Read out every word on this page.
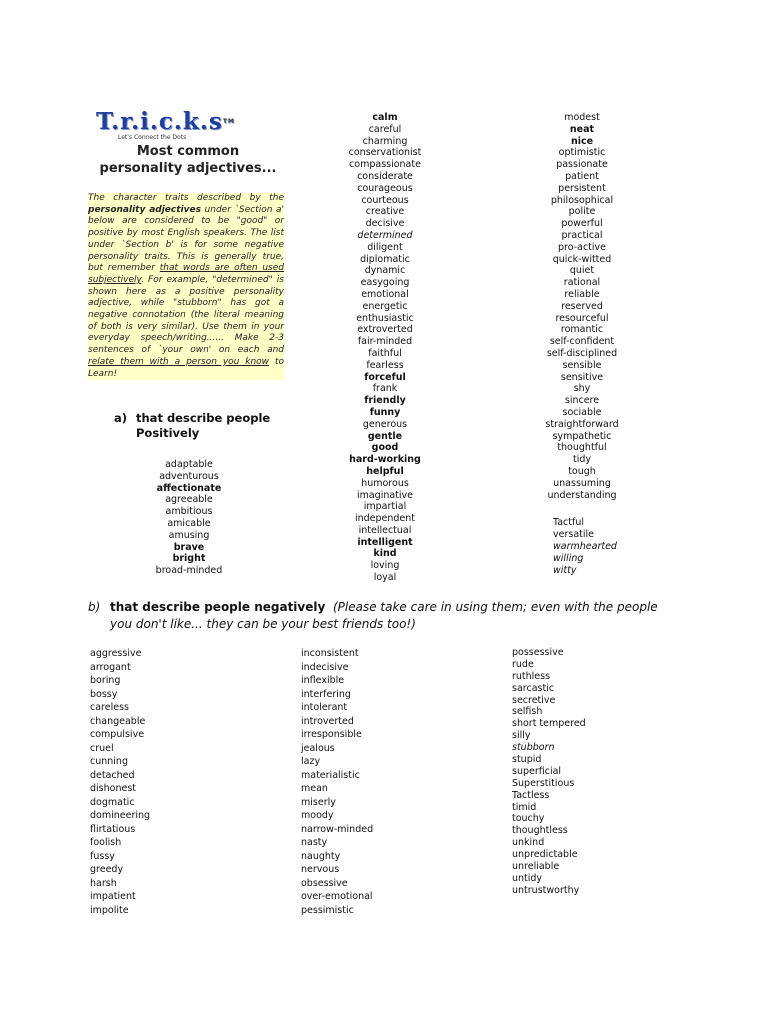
T.r.i.c.k.s™
Let's Connect the Dots
Most common
personality adjectives...
The character traits described by the personality adjectives under `Section a' below are considered to be "good" or positive by most English speakers. The list under `Section b' is for some negative personality traits. This is generally true, but remember that words are often used subjectively. For example, "determined" is shown here as a positive personality adjective, while "stubborn" has got a negative connotation (the literal meaning of both is very similar). Use them in your everyday speech/writing...... Make 2-3 sentences of `your own' on each and relate them with a person you know to Learn!
a) that describe people
Positively
adaptable
adventurous
affectionate
agreeable
ambitious
amicable
amusing
brave
bright
broad-minded
calm
careful
charming
conservationist
compassionate
considerate
courageous
courteous
creative
decisive
determined
diligent
diplomatic
dynamic
easygoing
emotional
energetic
enthusiastic
extroverted
fair-minded
faithful
fearless
forceful
frank
friendly
funny
generous
gentle
good
hard-working
helpful
humorous
imaginative
impartial
independent
intellectual
intelligent
kind
loving
loyal
modest
neat
nice
optimistic
passionate
patient
persistent
philosophical
polite
powerful
practical
pro-active
quick-witted
quiet
rational
reliable
reserved
resourceful
romantic
self-confident
self-disciplined
sensible
sensitive
shy
sincere
sociable
straightforward
sympathetic
thoughtful
tidy
tough
unassuming
understanding
Tactful
versatile
warmhearted
willing
witty
b) that describe people negatively (Please take care in using them; even with the people
you don't like... they can be your best friends too!)
aggressive
arrogant
boring
bossy
careless
changeable
compulsive
cruel
cunning
detached
dishonest
dogmatic
domineering
flirtatious
foolish
fussy
greedy
harsh
impatient
impolite
inconsistent
indecisive
inflexible
interfering
intolerant
introverted
irresponsible
jealous
lazy
materialistic
mean
miserly
moody
narrow-minded
nasty
naughty
nervous
obsessive
over-emotional
pessimistic
possessive
rude
ruthless
sarcastic
secretive
selfish
short tempered
silly
stubborn
stupid
superficial
Superstitious
Tactless
timid
touchy
thoughtless
unkind
unpredictable
unreliable
untidy
untrustworthy
